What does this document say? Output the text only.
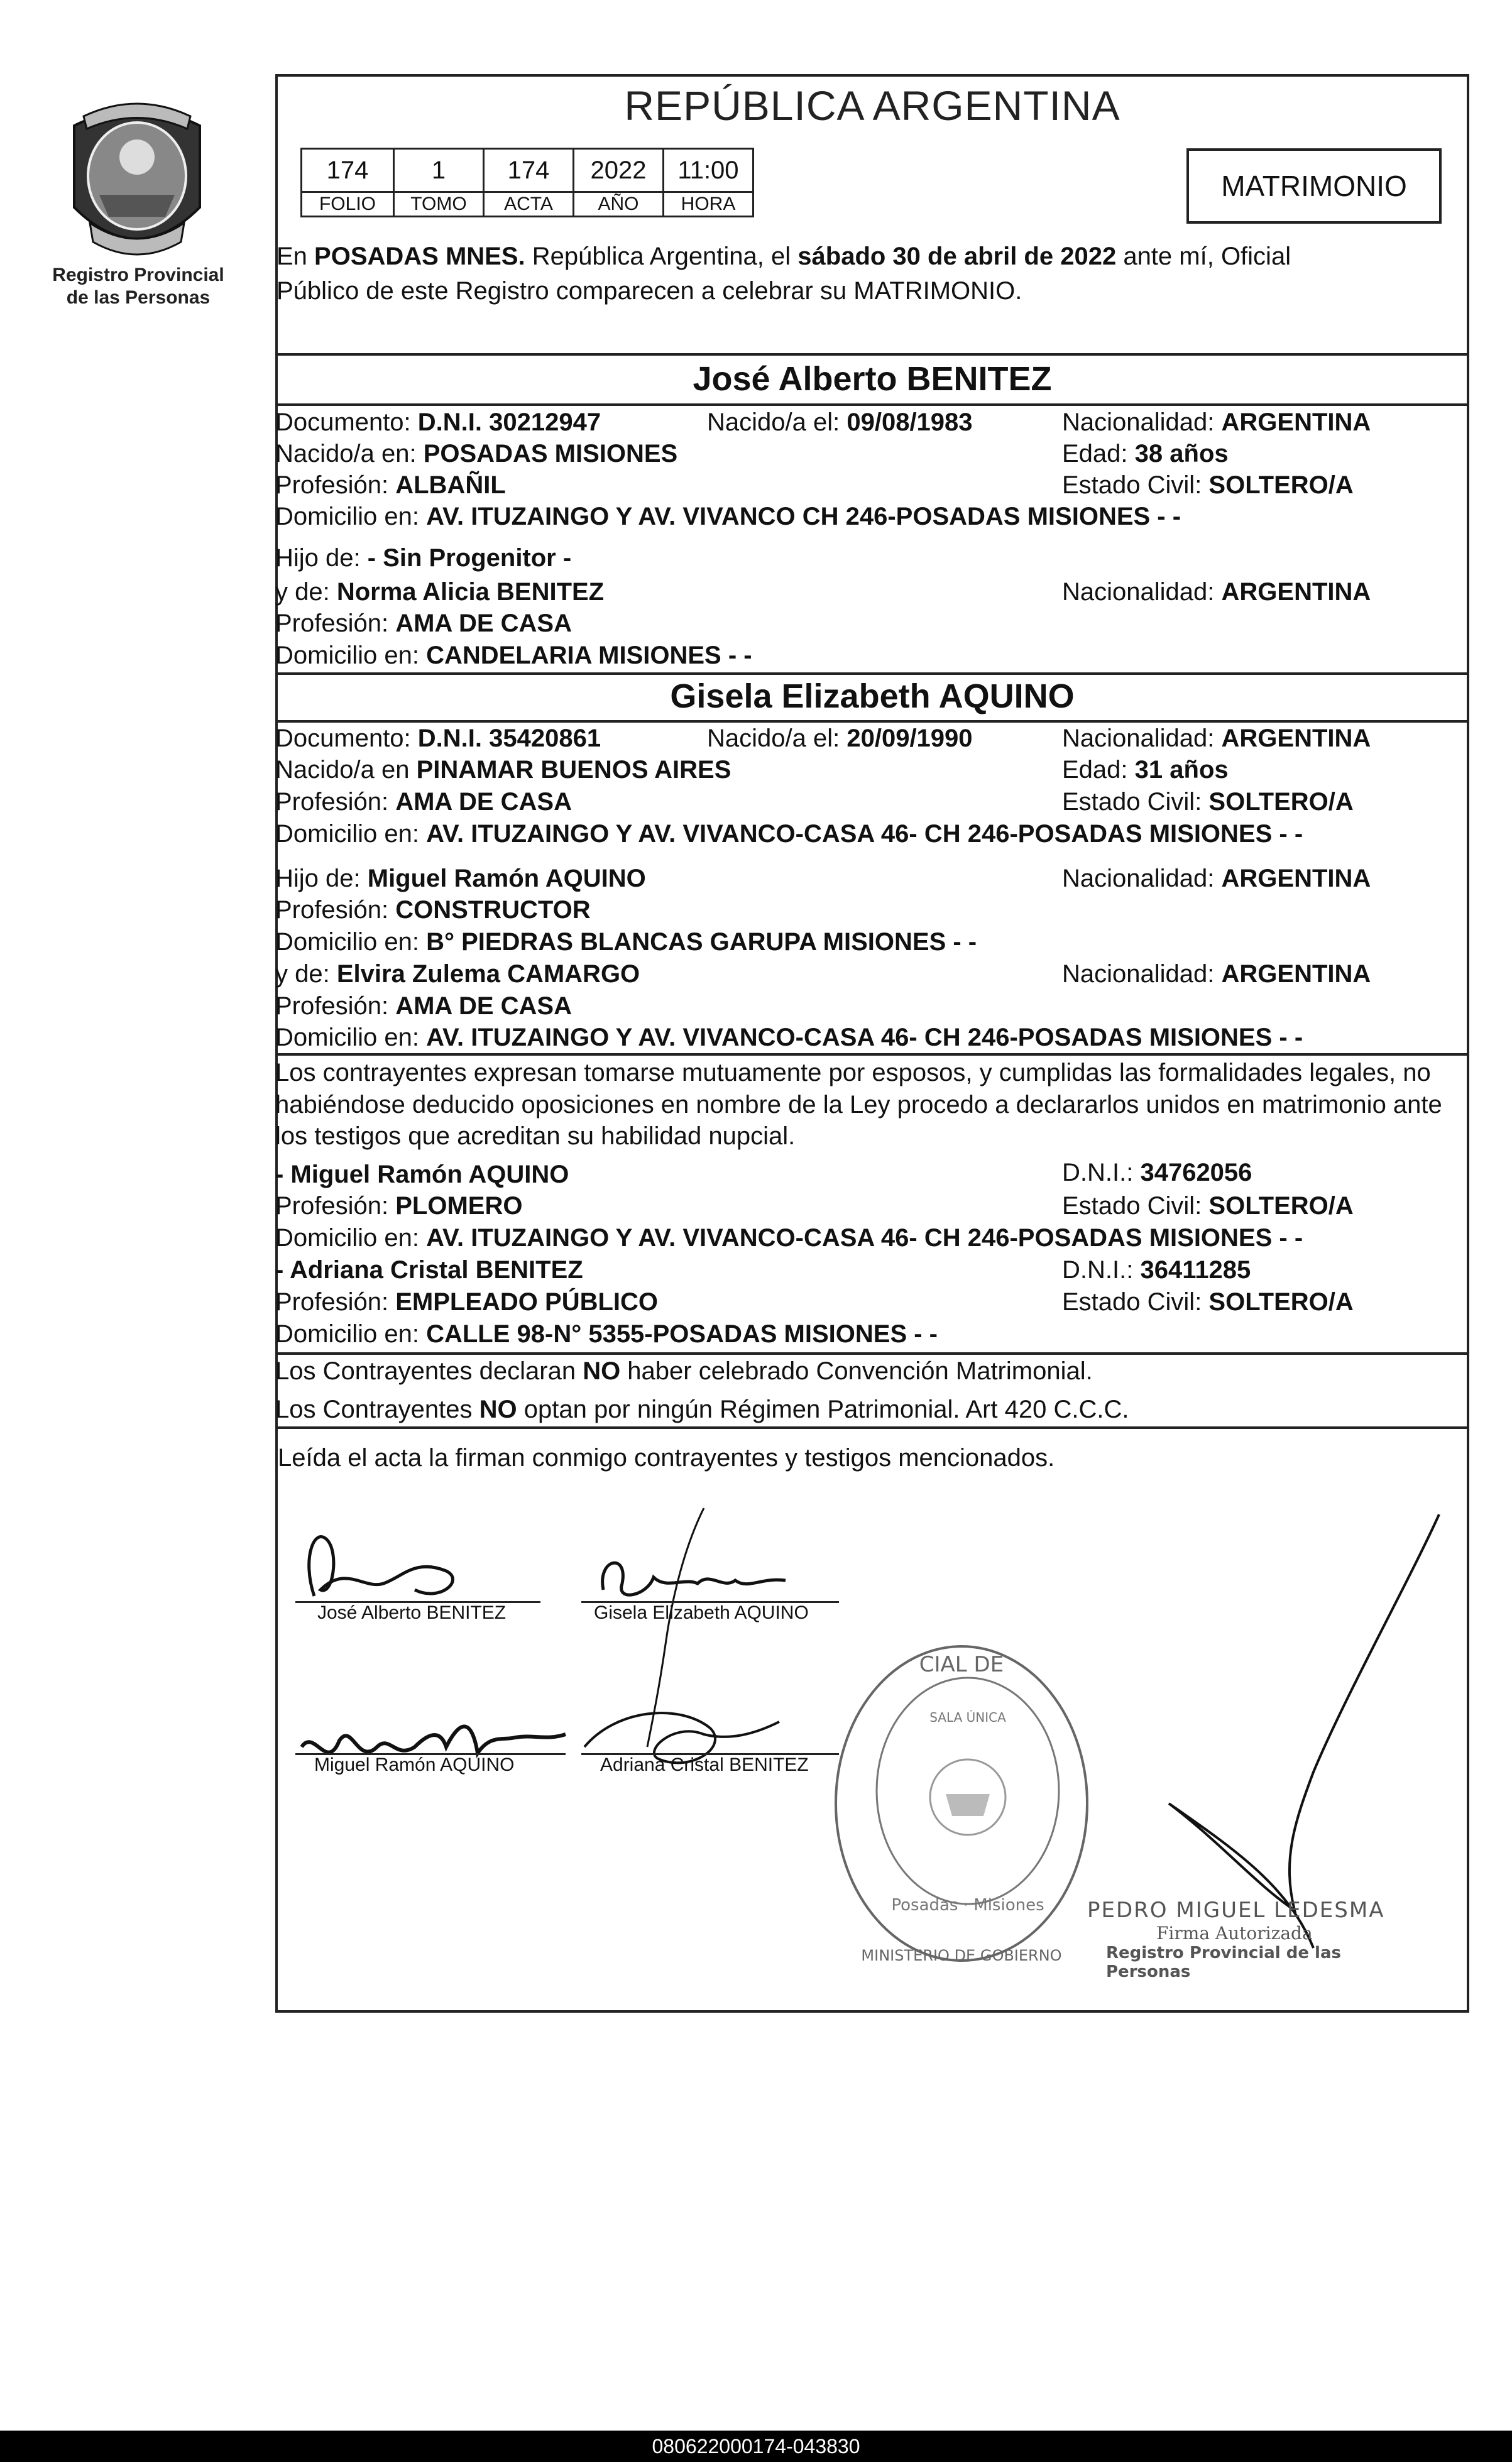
Registro Provincial
de las Personas
REPÚBLICA ARGENTINA
174	1	174	2022	11:00
FOLIO	TOMO	ACTA	AÑO	HORA
MATRIMONIO
En POSADAS MNES. República Argentina, el sábado 30 de abril de 2022 ante mí, Oficial
Público de este Registro comparecen a celebrar su MATRIMONIO.
José Alberto BENITEZ
Documento: D.N.I. 30212947	Nacido/a el: 09/08/1983	Nacionalidad: ARGENTINA
Nacido/a en: POSADAS MISIONES	Edad: 38 años
Profesión: ALBAÑIL	Estado Civil: SOLTERO/A
Domicilio en: AV. ITUZAINGO Y AV. VIVANCO CH 246-POSADAS MISIONES - -
Hijo de: - Sin Progenitor -
y de: Norma Alicia BENITEZ	Nacionalidad: ARGENTINA
Profesión: AMA DE CASA
Domicilio en: CANDELARIA MISIONES - -
Gisela Elizabeth AQUINO
Documento: D.N.I. 35420861	Nacido/a el: 20/09/1990	Nacionalidad: ARGENTINA
Nacido/a en PINAMAR BUENOS AIRES	Edad: 31 años
Profesión: AMA DE CASA	Estado Civil: SOLTERO/A
Domicilio en: AV. ITUZAINGO Y AV. VIVANCO-CASA 46- CH 246-POSADAS MISIONES - -
Hijo de: Miguel Ramón AQUINO	Nacionalidad: ARGENTINA
Profesión: CONSTRUCTOR
Domicilio en: B° PIEDRAS BLANCAS GARUPA MISIONES - -
y de: Elvira Zulema CAMARGO	Nacionalidad: ARGENTINA
Profesión: AMA DE CASA
Domicilio en: AV. ITUZAINGO Y AV. VIVANCO-CASA 46- CH 246-POSADAS MISIONES - -
Los contrayentes expresan tomarse mutuamente por esposos, y cumplidas las formalidades legales, no
habiéndose deducido oposiciones en nombre de la Ley procedo a declararlos unidos en matrimonio ante
los testigos que acreditan su habilidad nupcial.
- Miguel Ramón AQUINO	D.N.I.: 34762056
Profesión: PLOMERO	Estado Civil: SOLTERO/A
Domicilio en: AV. ITUZAINGO Y AV. VIVANCO-CASA 46- CH 246-POSADAS MISIONES - -
- Adriana Cristal BENITEZ	D.N.I.: 36411285
Profesión: EMPLEADO PÚBLICO	Estado Civil: SOLTERO/A
Domicilio en: CALLE 98-N° 5355-POSADAS MISIONES - -
Los Contrayentes declaran NO haber celebrado Convención Matrimonial.
Los Contrayentes NO optan por ningún Régimen Patrimonial. Art 420 C.C.C.
Leída el acta la firman conmigo contrayentes y testigos mencionados.
José Alberto BENITEZ	Gisela Elizabeth AQUINO
Miguel Ramón AQUINO	Adriana Cristal BENITEZ
CIAL DE
SALA ÚNICA
Posadas · Misiones
MINISTERIO DE GOBIERNO
PEDRO MIGUEL LEDESMA
Firma Autorizada
Registro Provincial de las Personas
080622000174-043830
